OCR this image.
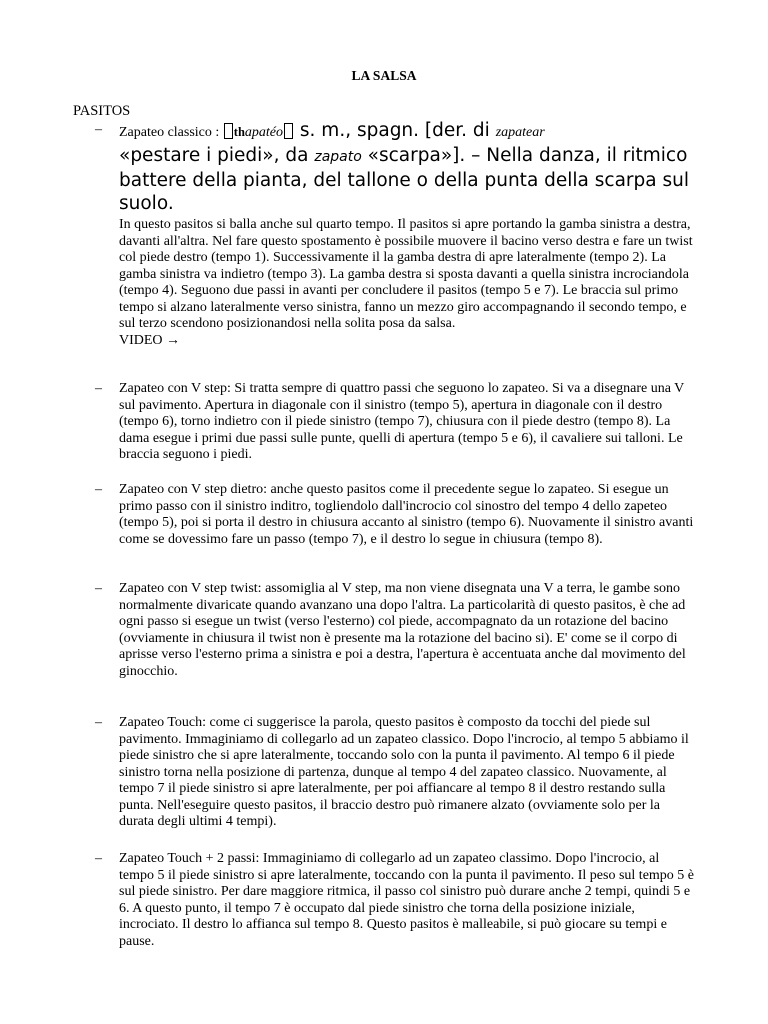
LA SALSA
PASITOS
– Zapateo classico : thapatéo s. m., spagn. [der. di zapatear
«pestare i piedi», da zapato «scarpa»]. – Nella danza, il ritmico battere della pianta, del tallone o della punta della scarpa sul suolo.
In questo pasitos si balla anche sul quarto tempo. Il pasitos si apre portando la gamba sinistra a destra, davanti all'altra. Nel fare questo spostamento è possibile muovere il bacino verso destra e fare un twist col piede destro (tempo 1). Successivamente il la gamba destra di apre lateralmente (tempo 2). La gamba sinistra va indietro (tempo 3). La gamba destra si sposta davanti a quella sinistra incrociandola (tempo 4). Seguono due passi in avanti per concludere il pasitos (tempo 5 e 7). Le braccia sul primo tempo si alzano lateralmente verso sinistra, fanno un mezzo giro accompagnando il secondo tempo, e sul terzo scendono posizionandosi nella solita posa da salsa.
VIDEO →
– Zapateo con V step: Si tratta sempre di quattro passi che seguono lo zapateo. Si va a disegnare una V sul pavimento. Apertura in diagonale con il sinistro (tempo 5), apertura in diagonale con il destro (tempo 6), torno indietro con il piede sinistro (tempo 7), chiusura con il piede destro (tempo 8). La dama esegue i primi due passi sulle punte, quelli di apertura (tempo 5 e 6), il cavaliere sui talloni. Le braccia seguono i piedi.
– Zapateo con V step dietro: anche questo pasitos come il precedente segue lo zapateo. Si esegue un primo passo con il sinistro inditro, togliendolo dall'incrocio col sinostro del tempo 4 dello zapeteo (tempo 5), poi si porta il destro in chiusura accanto al sinistro (tempo 6). Nuovamente il sinistro avanti come se dovessimo fare un passo (tempo 7), e il destro lo segue in chiusura (tempo 8).
– Zapateo con V step twist: assomiglia al V step, ma non viene disegnata una V a terra, le gambe sono normalmente divaricate quando avanzano una dopo l'altra. La particolarità di questo pasitos, è che ad ogni passo si esegue un twist (verso l'esterno) col piede, accompagnato da un rotazione del bacino (ovviamente in chiusura il twist non è presente ma la rotazione del bacino si). E' come se il corpo di aprisse verso l'esterno prima a sinistra e poi a destra, l'apertura è accentuata anche dal movimento del ginocchio.
– Zapateo Touch: come ci suggerisce la parola, questo pasitos è composto da tocchi del piede sul pavimento. Immaginiamo di collegarlo ad un zapateo classico. Dopo l'incrocio, al tempo 5 abbiamo il piede sinistro che si apre lateralmente, toccando solo con la punta il pavimento. Al tempo 6 il piede sinistro torna nella posizione di partenza, dunque al tempo 4 del zapateo classico. Nuovamente, al tempo 7 il piede sinistro si apre lateralmente, per poi affiancare al tempo 8 il destro restando sulla punta. Nell'eseguire questo pasitos, il braccio destro può rimanere alzato (ovviamente solo per la durata degli ultimi 4 tempi).
– Zapateo Touch + 2 passi: Immaginiamo di collegarlo ad un zapateo classimo. Dopo l'incrocio, al tempo 5 il piede sinistro si apre lateralmente, toccando con la punta il pavimento. Il peso sul tempo 5 è sul piede sinistro. Per dare maggiore ritmica, il passo col sinistro può durare anche 2 tempi, quindi 5 e 6. A questo punto, il tempo 7 è occupato dal piede sinistro che torna della posizione iniziale, incrociato. Il destro lo affianca sul tempo 8. Questo pasitos è malleabile, si può giocare su tempi e pause.
